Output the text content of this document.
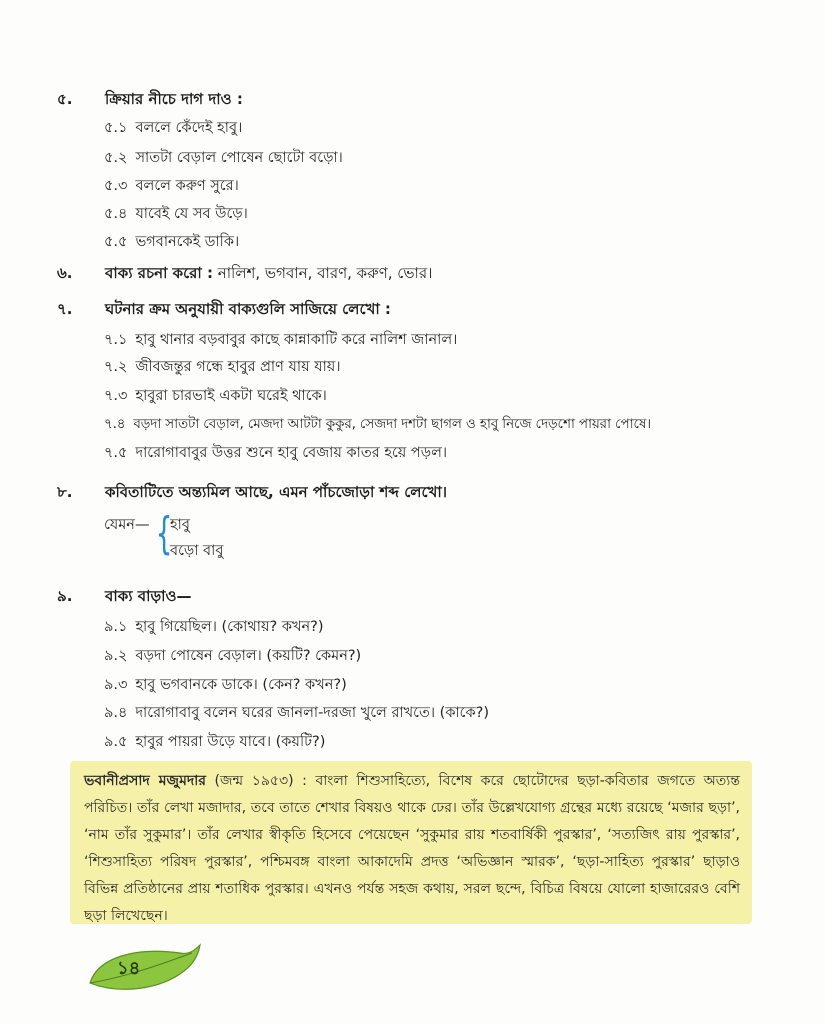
৫. ক্রিয়ার নীচে দাগ দাও :
৫.১ বললে কেঁদেই হাবু।
৫.২ সাতটা বেড়াল পোষেন ছোটো বড়ো।
৫.৩ বললে করুণ সুরে।
৫.৪ যাবেই যে সব উড়ে।
৫.৫ ভগবানকেই ডাকি।
৬. বাক্য রচনা করো : নালিশ, ভগবান, বারণ, করুণ, ভোর।
৭. ঘটনার ক্রম অনুযায়ী বাক্যগুলি সাজিয়ে লেখো :
৭.১ হাবু থানার বড়বাবুর কাছে কান্নাকাটি করে নালিশ জানাল।
৭.২ জীবজন্তুর গন্ধে হাবুর প্রাণ যায় যায়।
৭.৩ হাবুরা চারভাই একটা ঘরেই থাকে।
৭.৪ বড়দা সাতটা বেড়াল, মেজদা আটটা কুকুর, সেজদা দশটা ছাগল ও হাবু নিজে দেড়শো পায়রা পোষে।
৭.৫ দারোগাবাবুর উত্তর শুনে হাবু বেজায় কাতর হয়ে পড়ল।
৮. কবিতাটিতে অন্ত্যমিল আছে, এমন পাঁচজোড়া শব্দ লেখো।
যেমন— {
হাবু
বড়ো বাবু
৯. বাক্য বাড়াও—
৯.১ হাবু গিয়েছিল। (কোথায়? কখন?)
৯.২ বড়দা পোষেন বেড়াল। (কয়টি? কেমন?)
৯.৩ হাবু ভগবানকে ডাকে। (কেন? কখন?)
৯.৪ দারোগাবাবু বলেন ঘরের জানলা-দরজা খুলে রাখতে। (কাকে?)
৯.৫ হাবুর পায়রা উড়ে যাবে। (কয়টি?)
ভবানীপ্রসাদ মজুমদার (জন্ম ১৯৫৩) : বাংলা শিশুসাহিত্যে, বিশেষ করে ছোটোদের ছড়া-কবিতার জগতে অত্যন্ত পরিচিত। তাঁর লেখা মজাদার, তবে তাতে শেখার বিষয়ও থাকে ঢের। তাঁর উল্লেখযোগ্য গ্রন্থের মধ্যে রয়েছে ‘মজার ছড়া’, ‘নাম তাঁর সুকুমার’। তাঁর লেখার স্বীকৃতি হিসেবে পেয়েছেন ‘সুকুমার রায় শতবার্ষিকী পুরস্কার’, ‘সত্যজিৎ রায় পুরস্কার’, ‘শিশুসাহিত্য পরিষদ পুরস্কার’, পশ্চিমবঙ্গ বাংলা আকাদেমি প্রদত্ত ‘অভিজ্ঞান স্মারক’, ‘ছড়া-সাহিত্য পুরস্কার’ ছাড়াও বিভিন্ন প্রতিষ্ঠানের প্রায় শতাধিক পুরস্কার। এখনও পর্যন্ত সহজ কথায়, সরল ছন্দে, বিচিত্র বিষয়ে যোলো হাজারেরও বেশি ছড়া লিখেছেন।
১৪
